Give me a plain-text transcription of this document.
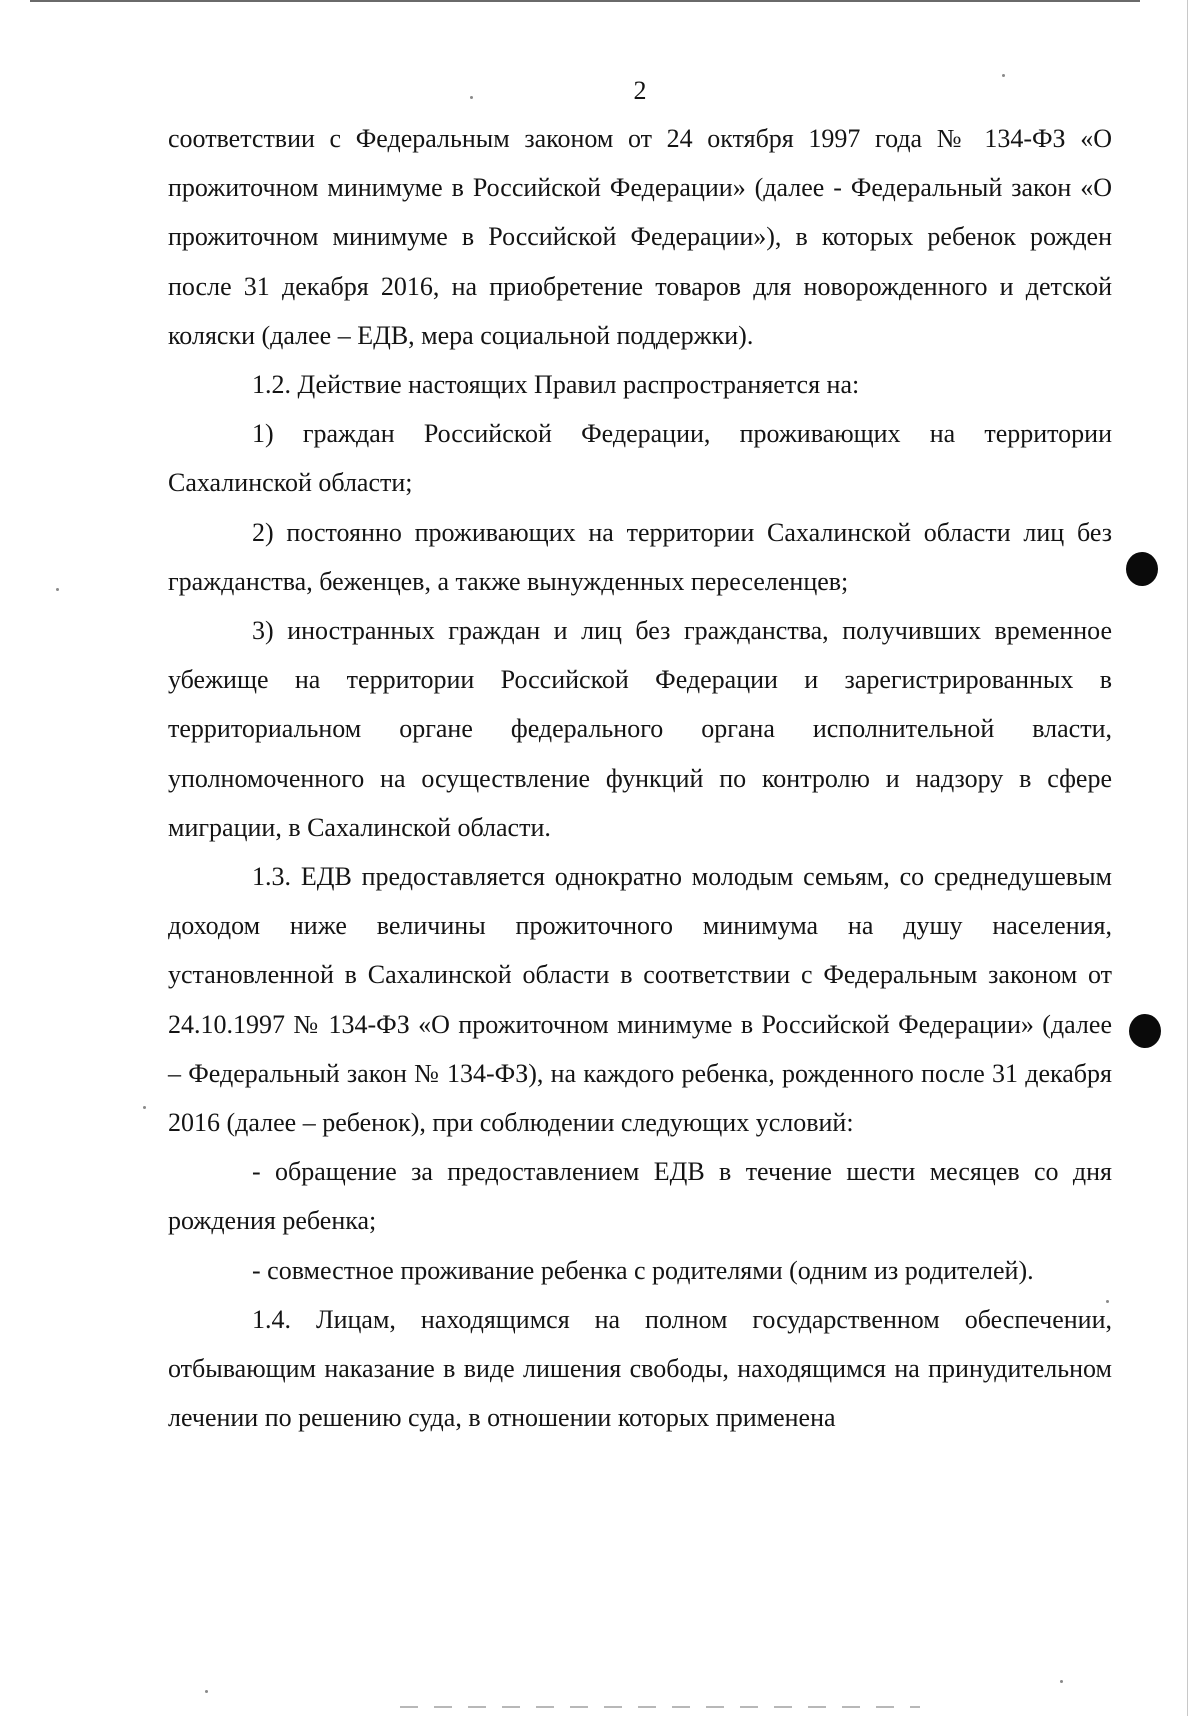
2

соответствии с Федеральным законом от 24 октября 1997 года № 134-ФЗ «О прожиточном минимуме в Российской Федерации» (далее - Федеральный закон «О прожиточном минимуме в Российской Федерации»), в которых ребенок рожден после 31 декабря 2016, на приобретение товаров для новорожденного и детской коляски (далее – ЕДВ, мера социальной поддержки).

1.2. Действие настоящих Правил распространяется на:

1) граждан Российской Федерации, проживающих на территории Сахалинской области;

2) постоянно проживающих на территории Сахалинской области лиц без гражданства, беженцев, а также вынужденных переселенцев;

3) иностранных граждан и лиц без гражданства, получивших временное убежище на территории Российской Федерации и зарегистрированных в территориальном органе федерального органа исполнительной власти, уполномоченного на осуществление функций по контролю и надзору в сфере миграции, в Сахалинской области.

1.3. ЕДВ предоставляется однократно молодым семьям, со среднедушевым доходом ниже величины прожиточного минимума на душу населения, установленной в Сахалинской области в соответствии с Федеральным законом от 24.10.1997 № 134-ФЗ «О прожиточном минимуме в Российской Федерации» (далее – Федеральный закон № 134-ФЗ), на каждого ребенка, рожденного после 31 декабря 2016 (далее – ребенок), при соблюдении следующих условий:

- обращение за предоставлением ЕДВ в течение шести месяцев со дня рождения ребенка;

- совместное проживание ребенка с родителями (одним из родителей).

1.4. Лицам, находящимся на полном государственном обеспечении, отбывающим наказание в виде лишения свободы, находящимся на принудительном лечении по решению суда, в отношении которых применена
